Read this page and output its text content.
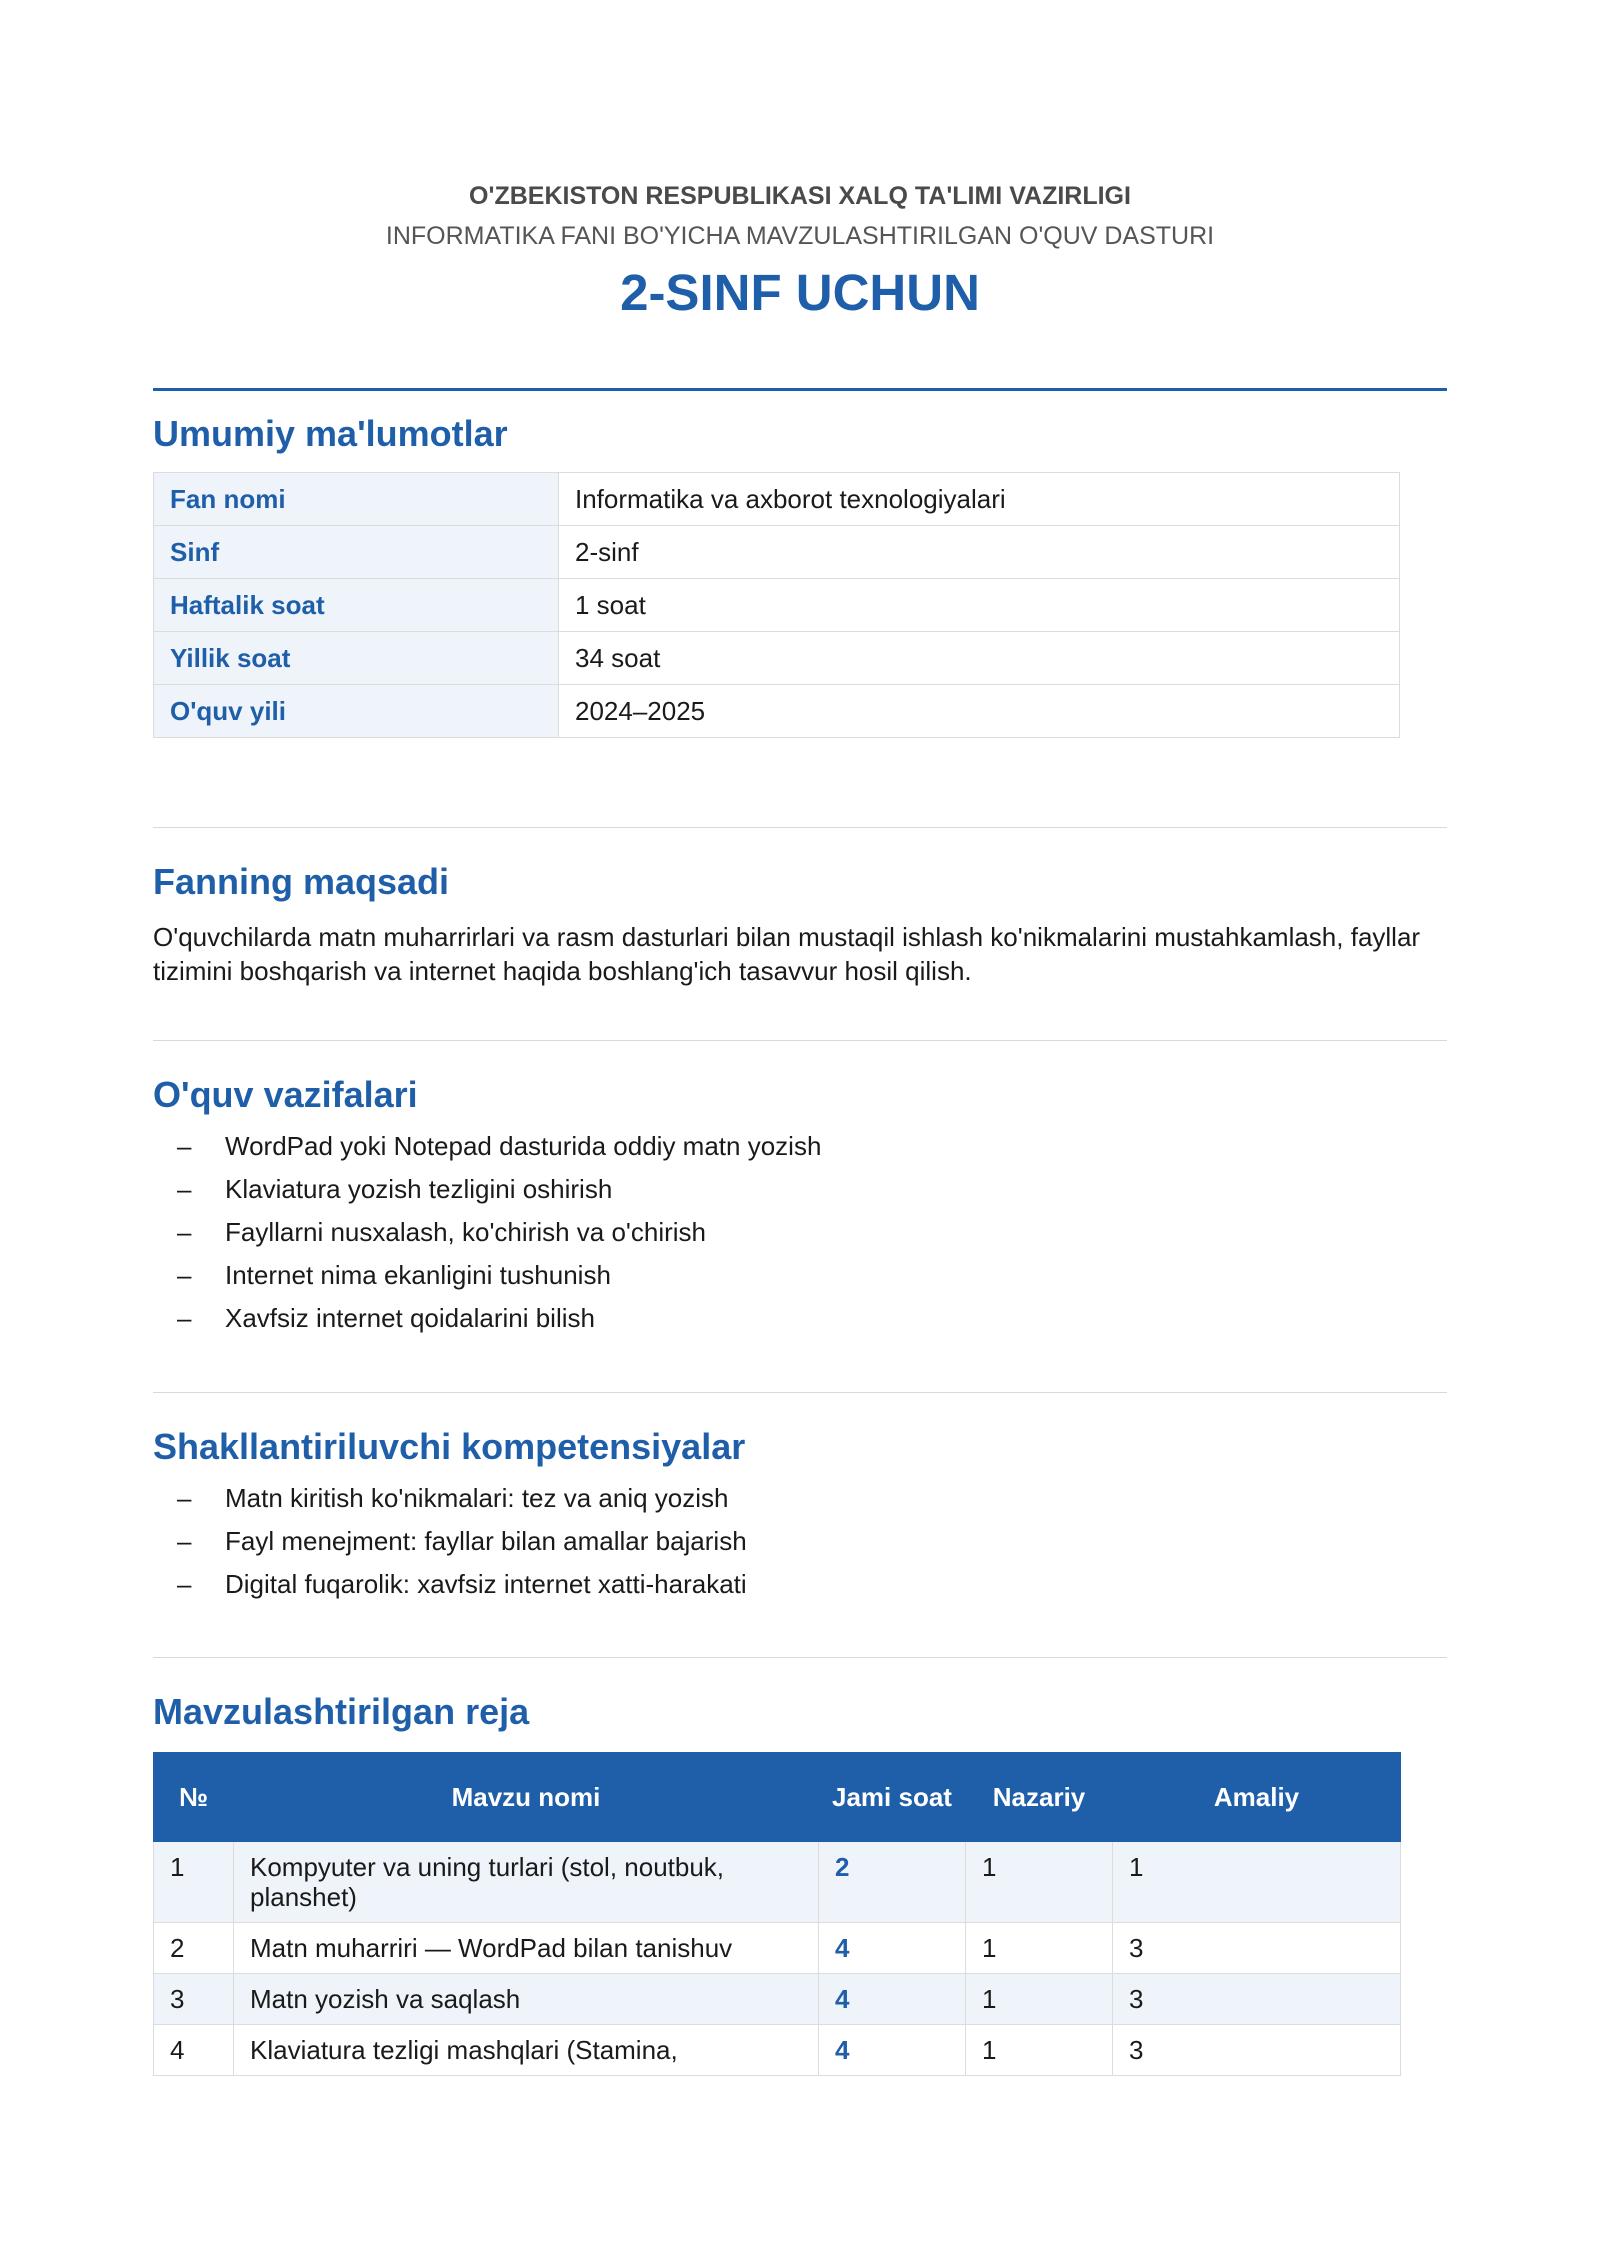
O'ZBEKISTON RESPUBLIKASI XALQ TA'LIMI VAZIRLIGI

INFORMATIKA FANI BO'YICHA MAVZULASHTIRILGAN O'QUV DASTURI

2-SINF UCHUN

Umumiy ma'lumotlar
Fan nomi	Informatika va axborot texnologiyalari
Sinf	2-sinf
Haftalik soat	1 soat
Yillik soat	34 soat
O'quv yili	2024–2025
Fanning maqsadi

O'quvchilarda matn muharrirlari va rasm dasturlari bilan mustaqil ishlash ko'nikmalarini mustahkamlash, fayllar tizimini boshqarish va internet haqida boshlang'ich tasavvur hosil qilish.

O'quv vazifalari
– WordPad yoki Notepad dasturida oddiy matn yozish
– Klaviatura yozish tezligini oshirish
– Fayllarni nusxalash, ko'chirish va o'chirish
– Internet nima ekanligini tushunish
– Xavfsiz internet qoidalarini bilish
Shakllantiriluvchi kompetensiyalar
– Matn kiritish ko'nikmalari: tez va aniq yozish
– Fayl menejment: fayllar bilan amallar bajarish
– Digital fuqarolik: xavfsiz internet xatti-harakati
Mavzulashtirilgan reja
№	Mavzu nomi	Jami soat	Nazariy	Amaliy
1	Kompyuter va uning turlari (stol, noutbuk, planshet)	2	1	1
2	Matn muharriri — WordPad bilan tanishuv	4	1	3
3	Matn yozish va saqlash	4	1	3
4	Klaviatura tezligi mashqlari (Stamina,	4	1	3
